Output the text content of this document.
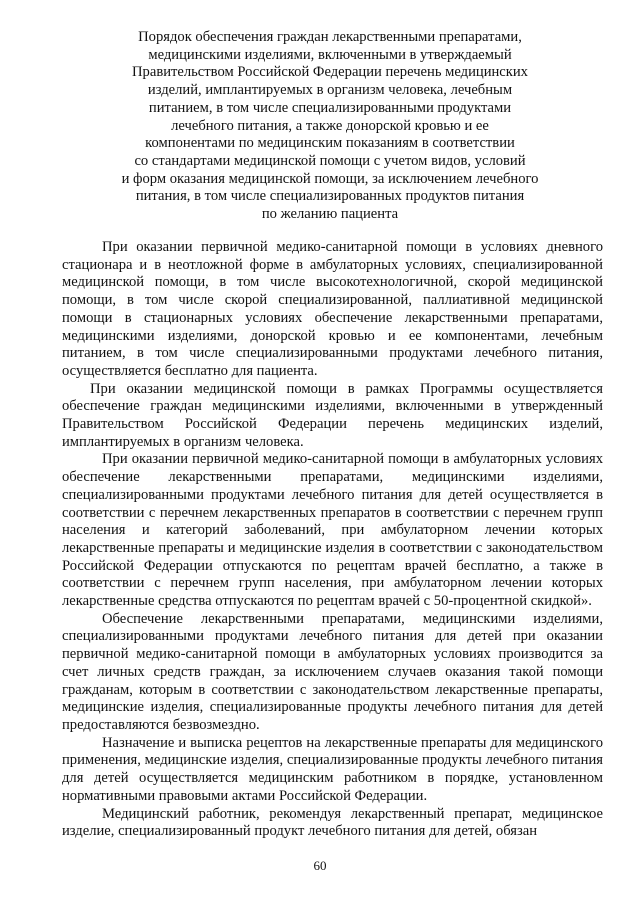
Порядок обеспечения граждан лекарственными препаратами,
медицинскими изделиями, включенными в утверждаемый
Правительством Российской Федерации перечень медицинских
изделий, имплантируемых в организм человека, лечебным
питанием, в том числе специализированными продуктами
лечебного питания, а также донорской кровью и ее
компонентами по медицинским показаниям в соответствии
со стандартами медицинской помощи с учетом видов, условий
и форм оказания медицинской помощи, за исключением лечебного
питания, в том числе специализированных продуктов питания
по желанию пациента

При оказании первичной медико-санитарной помощи в условиях дневного стационара и в неотложной форме в амбулаторных условиях, специализированной медицинской помощи, в том числе высокотехнологичной, скорой медицинской помощи, в том числе скорой специализированной, паллиативной медицинской помощи в стационарных условиях обеспечение лекарственными препаратами, медицинскими изделиями, донорской кровью и ее компонентами, лечебным питанием, в том числе специализированными продуктами лечебного питания, осуществляется бесплатно для пациента.

При оказании медицинской помощи в рамках Программы осуществляется обеспечение граждан медицинскими изделиями, включенными в утвержденный Правительством Российской Федерации перечень медицинских изделий, имплантируемых в организм человека.

При оказании первичной медико-санитарной помощи в амбулаторных условиях обеспечение лекарственными препаратами, медицинскими изделиями, специализированными продуктами лечебного питания для детей осуществляется в соответствии с перечнем лекарственных препаратов в соответствии с перечнем групп населения и категорий заболеваний, при амбулаторном лечении которых лекарственные препараты и медицинские изделия в соответствии с законодательством Российской Федерации отпускаются по рецептам врачей бесплатно, а также в соответствии с перечнем групп населения, при амбулаторном лечении которых лекарственные средства отпускаются по рецептам врачей с 50-процентной скидкой».

Обеспечение лекарственными препаратами, медицинскими изделиями, специализированными продуктами лечебного питания для детей при оказании первичной медико-санитарной помощи в амбулаторных условиях производится за счет личных средств граждан, за исключением случаев оказания такой помощи гражданам, которым в соответствии с законодательством лекарственные препараты, медицинские изделия, специализированные продукты лечебного питания для детей предоставляются безвозмездно.

Назначение и выписка рецептов на лекарственные препараты для медицинского применения, медицинские изделия, специализированные продукты лечебного питания для детей осуществляется медицинским работником в порядке, установленном нормативными правовыми актами Российской Федерации.

Медицинский работник, рекомендуя лекарственный препарат, медицинское изделие, специализированный продукт лечебного питания для детей, обязан

60
